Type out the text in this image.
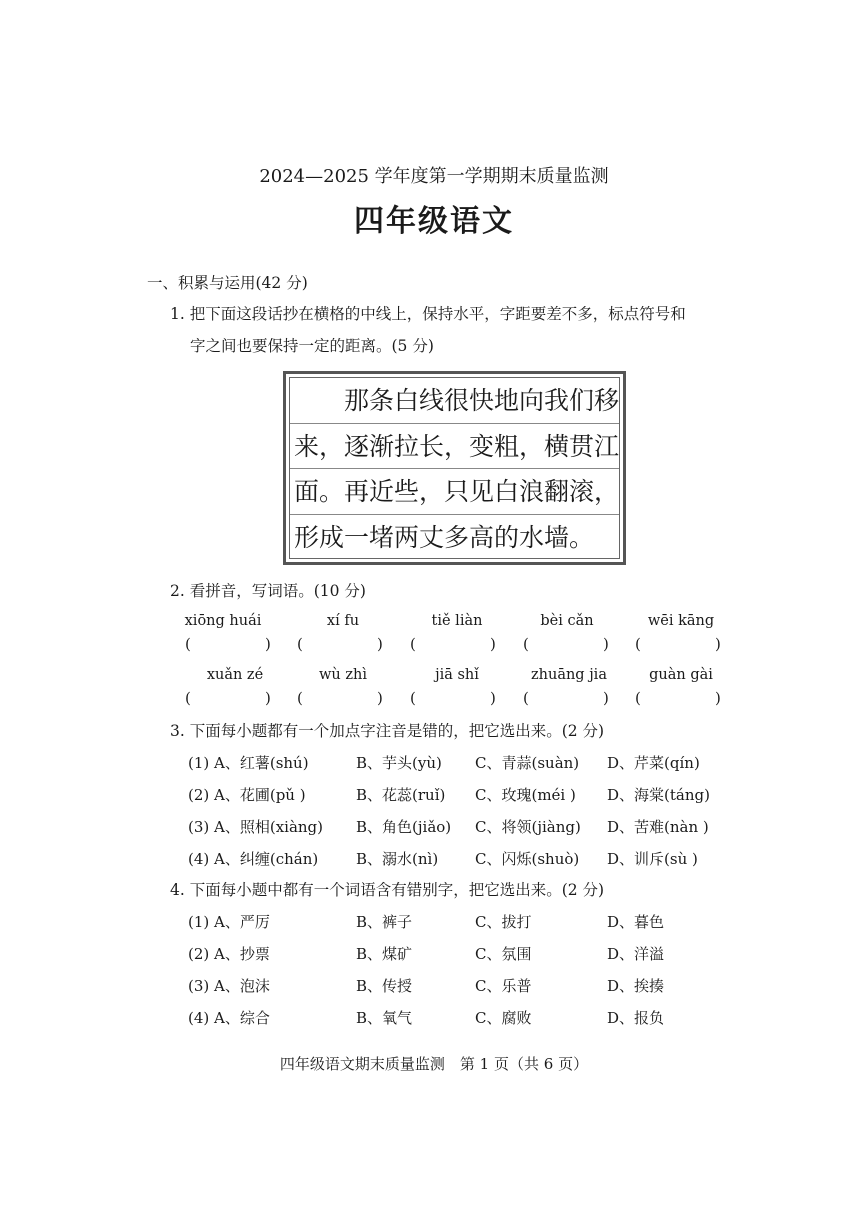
2024—2025 学年度第一学期期末质量监测
四年级语文
一、积累与运用(42 分)
1. 把下面这段话抄在横格的中线上，保持水平，字距要差不多，标点符号和
字之间也要保持一定的距离。(5 分)
那条白线很快地向我们移
来，逐渐拉长，变粗，横贯江
面。再近些，只见白浪翻滚，
形成一堵两丈多高的水墙。
2. 看拼音，写词语。(10 分)
xiōng huái	xí fu	tiě liàn	bèi cǎn	wēi kāng
(	) (	) (	) (	) (	)
xuǎn zé	wù zhì	jiā shǐ	zhuāng jia	guàn gài
(	) (	) (	) (	) (	)
3. 下面每小题都有一个加点字注音是错的，把它选出来。(2 分)
(1) A、红薯(shú)	B、芋头(yù) C、青蒜(suàn) D、芹菜(qín)
(2) A、花圃(pǔ )	B、花蕊(ruǐ) C、玫瑰(méi ) D、海棠(táng)
(3) A、照相(xiàng) B、角色(jiǎo) C、将领(jiàng) D、苦难(nàn )
(4) A、纠缠(chán)	B、溺水(nì) C、闪烁(shuò) D、训斥(sù )
4. 下面每小题中都有一个词语含有错别字，把它选出来。(2 分)
(1) A、严厉	B、裤子	C、拔打	D、暮色
(2) A、抄票	B、煤矿	C、氛围	D、洋溢
(3) A、泡沫	B、传授	C、乐普	D、挨揍
(4) A、综合	B、氧气	C、腐败	D、报负
四年级语文期末质量监测　第 1 页（共 6 页）
